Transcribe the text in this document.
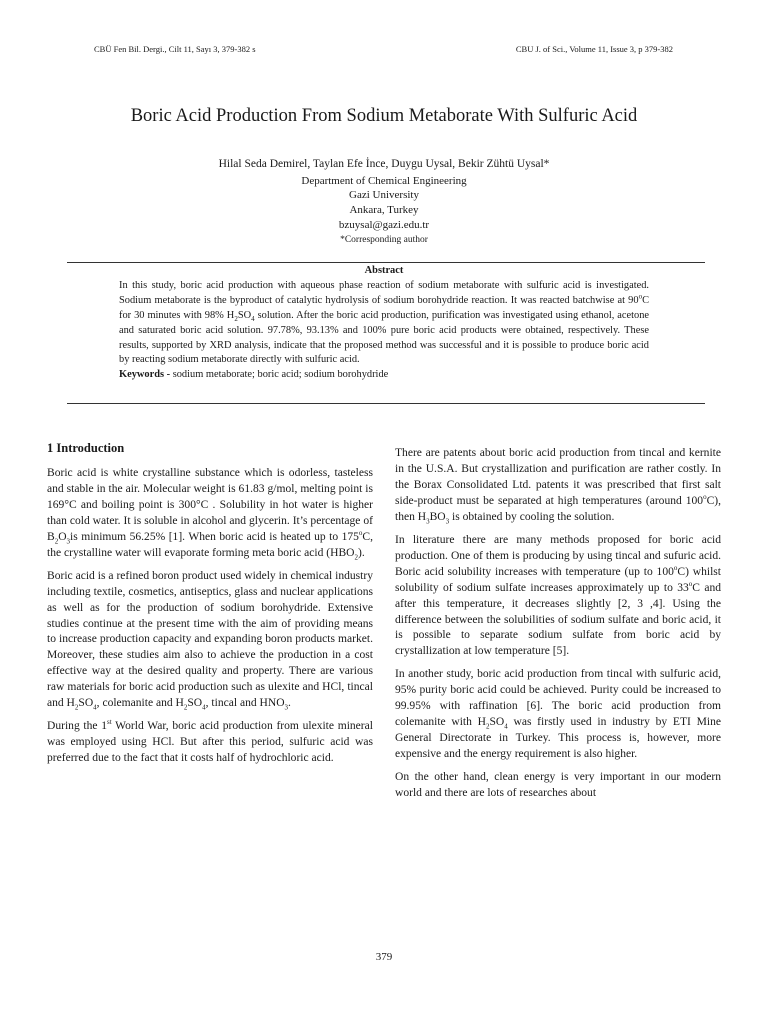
CBÜ Fen Bil. Dergi., Cilt 11, Sayı 3, 379-382 s	CBU J. of Sci., Volume 11, Issue 3, p 379-382
Boric Acid Production From Sodium Metaborate With Sulfuric Acid
Hilal Seda Demirel, Taylan Efe İnce, Duygu Uysal, Bekir Zühtü Uysal*
Department of Chemical Engineering
Gazi University
Ankara, Turkey
bzuysal@gazi.edu.tr
*Corresponding author
Abstract
In this study, boric acid production with aqueous phase reaction of sodium metaborate with sulfuric acid is investigated. Sodium metaborate is the byproduct of catalytic hydrolysis of sodium borohydride reaction. It was reacted batchwise at 90$^o$C for 30 minutes with 98% $H_2SO_4$ solution. After the boric acid production, purification was investigated using ethanol, acetone and saturated boric acid solution. 97.78%, 93.13% and 100% pure boric acid products were obtained, respectively. These results, supported by XRD analysis, indicate that the proposed method was successful and it is possible to produce boric acid by reacting sodium metaborate directly with sulfuric acid.
Keywords - sodium metaborate; boric acid; sodium borohydride
1 Introduction

Boric acid is white crystalline substance which is odorless, tasteless and stable in the air. Molecular weight is 61.83 g/mol, melting point is 169°C and boiling point is 300°C . Solubility in hot water is higher than cold water. It is soluble in alcohol and glycerin. It’s percentage of $B_2O_3is$ minimum 56.25% [1]. When boric acid is heated up to 175$^o$C, the crystalline water will evaporate forming meta boric acid $(HBO_2)$.

Boric acid is a refined boron product used widely in chemical industry including textile, cosmetics, antiseptics, glass and nuclear applications as well as for the production of sodium borohydride. Extensive studies continue at the present time with the aim of providing means to increase production capacity and expanding boron products market. Moreover, these studies aim also to achieve the production in a cost effective way at the desired quality and property. There are various raw materials for boric acid production such as ulexite and HCl, tincal and $H_2SO_4$, colemanite and $H_2SO_4$, tincal and $HNO_3$.

During the 1st World War, boric acid production from ulexite mineral was employed using HCl. But after this period, sulfuric acid was preferred due to the fact that it costs half of hydrochloric acid.

There are patents about boric acid production from tincal and kernite in the U.S.A. But crystallization and purification are rather costly. In the Borax Consolidated Ltd. patents it was prescribed that first salt side-product must be separated at high temperatures (around 100$^o$C), then $H_3BO_3$ is obtained by cooling the solution.

In literature there are many methods proposed for boric acid production. One of them is producing by using tincal and sufuric acid. Boric acid solubility increases with temperature (up to 100$^o$C) whilst solubility of sodium sulfate increases approximately up to 33$^o$C and after this temperature, it decreases slightly [2, 3 ,4]. Using the difference between the solubilities of sodium sulfate and boric acid, it is possible to separate sodium sulfate from boric acid by crystallization at low temperature [5].

In another study, boric acid production from tincal with sulfuric acid, 95% purity boric acid could be achieved. Purity could be increased to 99.95% with raffination [6]. The boric acid production from colemanite with $H_2SO_4$ was firstly used in industry by ETI Mine General Directorate in Turkey. This process is, however, more expensive and the energy requirement is also higher.

On the other hand, clean energy is very important in our modern world and there are lots of researches about

379
